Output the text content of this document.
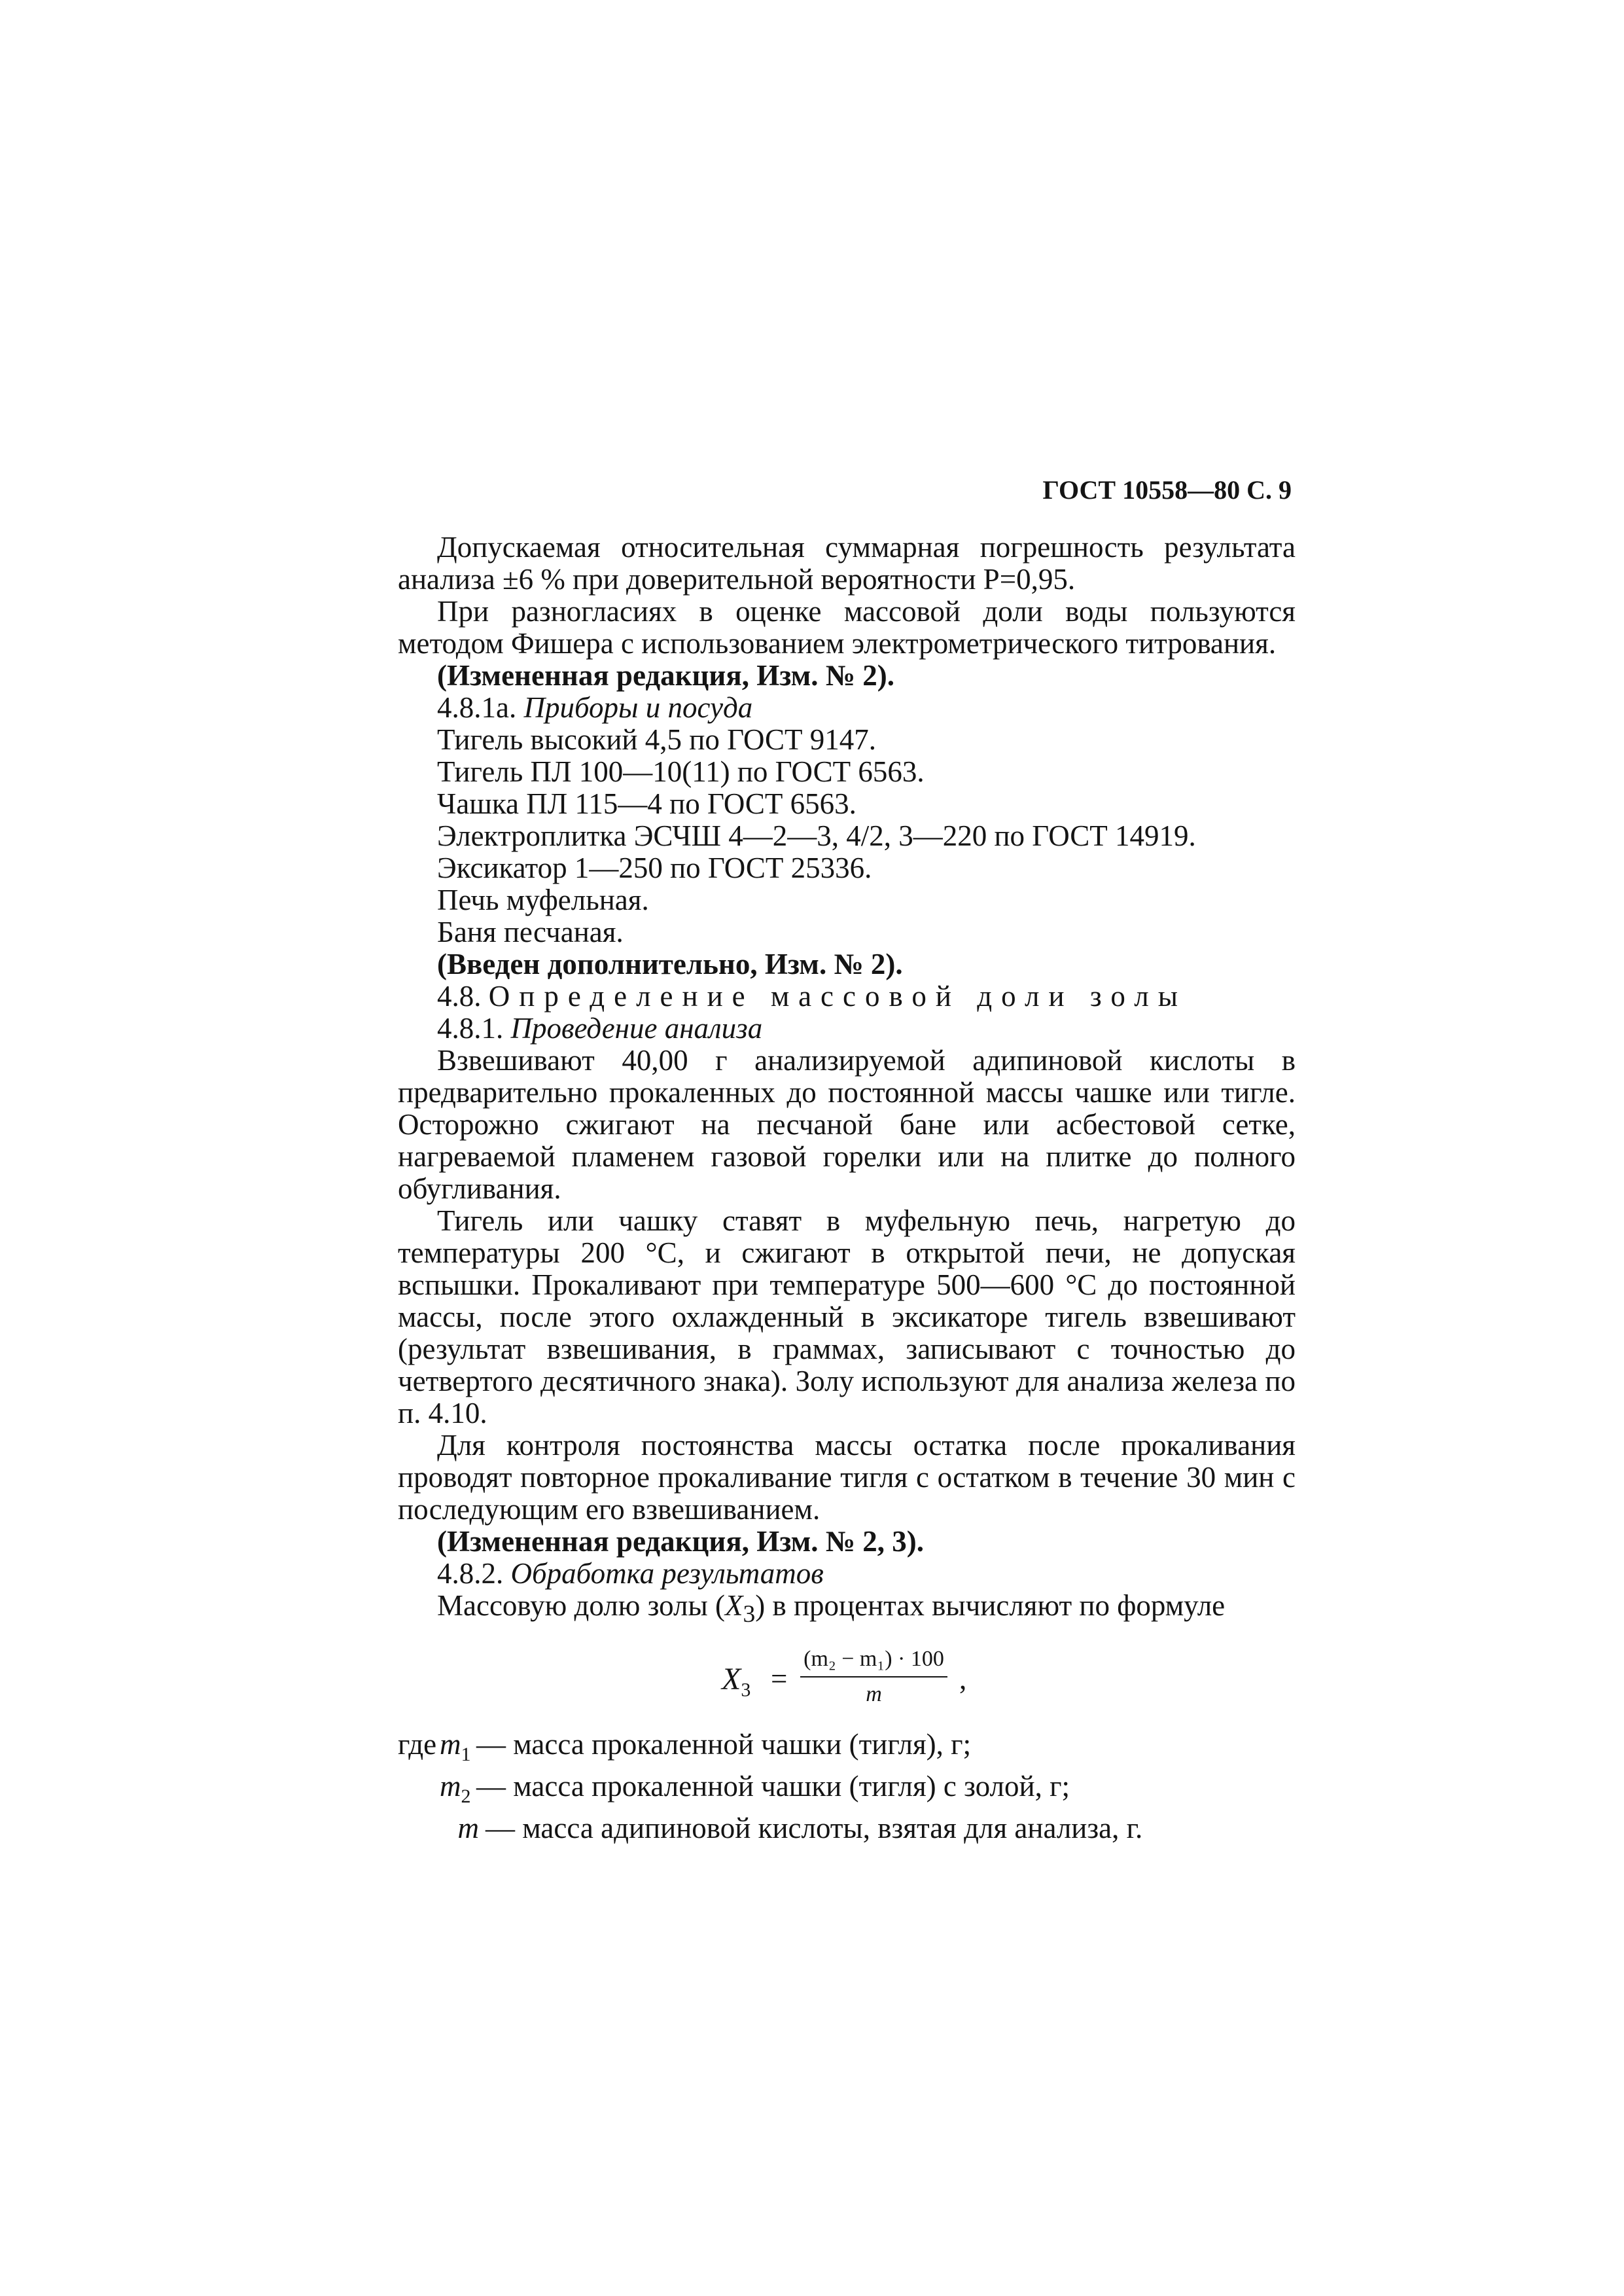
ГОСТ 10558—80 С. 9

Допускаемая относительная суммарная погрешность результата анализа ±6 % при доверительной вероятности P=0,95.

При разногласиях в оценке массовой доли воды пользуются методом Фишера с использованием электрометрического титрования.

(Измененная редакция, Изм. № 2).

4.8.1а. Приборы и посуда

Тигель высокий 4,5 по ГОСТ 9147.

Тигель ПЛ 100—10(11) по ГОСТ 6563.

Чашка ПЛ 115—4 по ГОСТ 6563.

Электроплитка ЭСЧШ 4—2—3, 4/2, 3—220 по ГОСТ 14919.

Эксикатор 1—250 по ГОСТ 25336.

Печь муфельная.

Баня песчаная.

(Введен дополнительно, Изм. № 2).

4.8. Определение массовой доли золы

4.8.1. Проведение анализа

Взвешивают 40,00 г анализируемой адипиновой кислоты в предварительно прокаленных до постоянной массы чашке или тигле. Осторожно сжигают на песчаной бане или асбестовой сетке, нагреваемой пламенем газовой горелки или на плитке до полного обугливания.

Тигель или чашку ставят в муфельную печь, нагретую до температуры 200 °С, и сжигают в открытой печи, не допуская вспышки. Прокаливают при температуре 500—600 °С до постоянной массы, после этого охлажденный в эксикаторе тигель взвешивают (результат взвешивания, в граммах, записывают с точностью до четвертого десятичного знака). Золу используют для анализа железа по п. 4.10.

Для контроля постоянства массы остатка после прокаливания проводят повторное прокаливание тигля с остатком в течение 30 мин с последующим его взвешиванием.

(Измененная редакция, Изм. № 2, 3).

4.8.2. Обработка результатов

Массовую долю золы $(X_3)$ в процентах вычисляют по формуле

$X_3$ =
(m₂ − m₁) · 100
m	,
где $m_1$ — масса прокаленной чашки (тигля), г;
$m_2$ — масса прокаленной чашки (тигля) с золой, г;
m — масса адипиновой кислоты, взятая для анализа, г.
